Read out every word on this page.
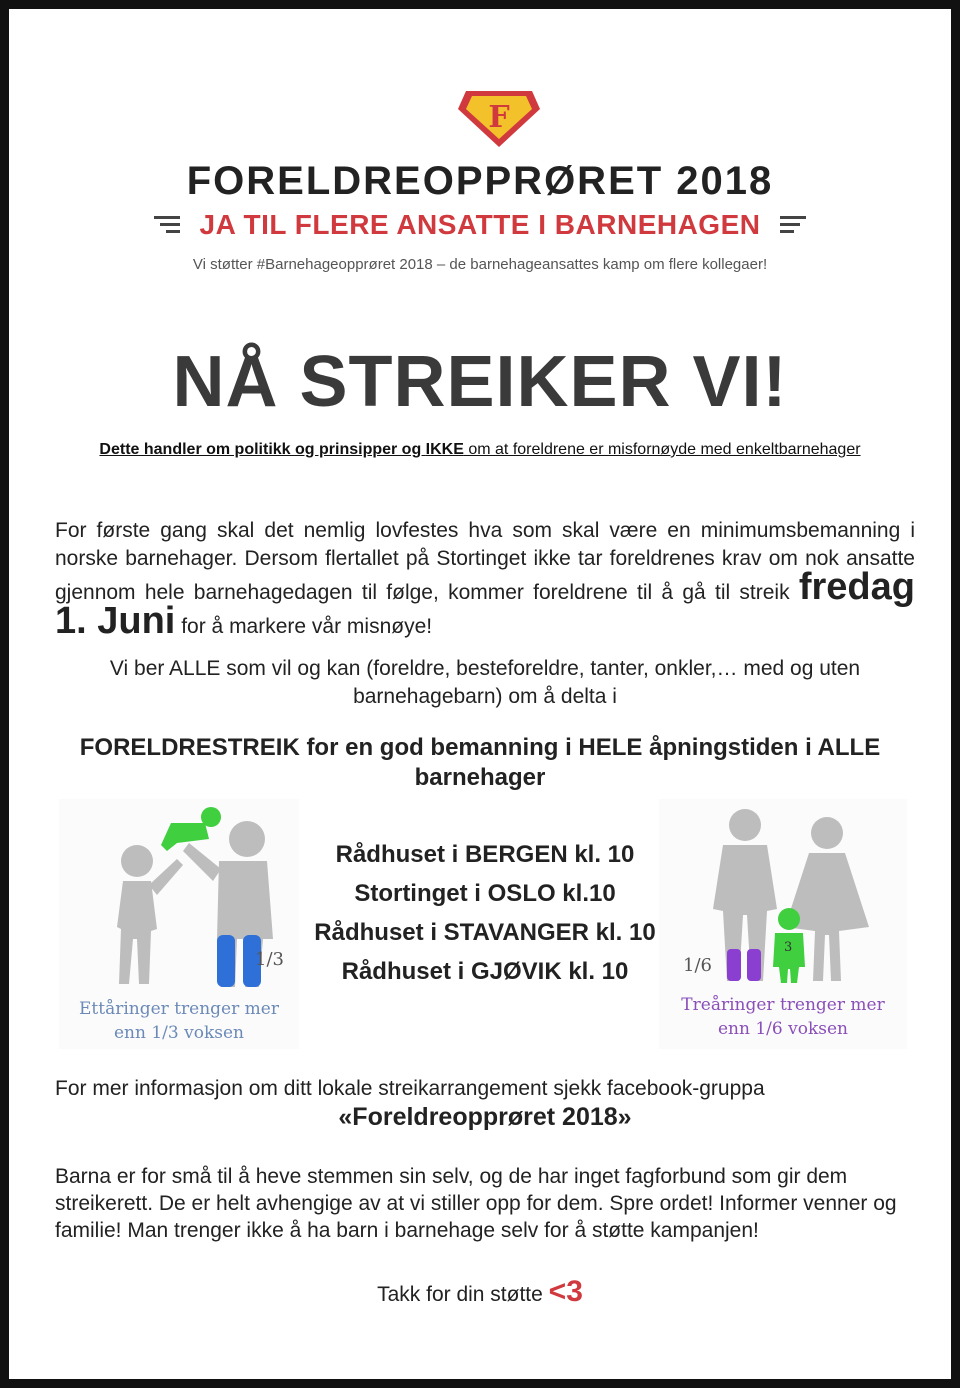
F
FORELDREOPPRØRET 2018
JA TIL FLERE ANSATTE I BARNEHAGEN
Vi støtter #Barnehageopprøret 2018 – de barnehageansattes kamp om flere kollegaer!
NÅ STREIKER VI!
Dette handler om politikk og prinsipper og IKKE om at foreldrene er misfornøyde med enkeltbarnehager
For første gang skal det nemlig lovfestes hva som skal være en minimumsbemanning i norske barnehager. Dersom flertallet på Stortinget ikke tar foreldrenes krav om nok ansatte gjennom hele barnehagedagen til følge, kommer foreldrene til å gå til streik fredag 1. Juni for å markere vår misnøye!
Vi ber ALLE som vil og kan (foreldre, besteforeldre, tanter, onkler,… med og uten barnehagebarn) om å delta i
FORELDRESTREIK for en god bemanning i HELE åpningstiden i ALLE barnehager
1/3
Ettåringer trenger mer
enn 1/3 voksen
Rådhuset i BERGEN kl. 10
Stortinget i OSLO kl.10
Rådhuset i STAVANGER kl. 10
Rådhuset i GJØVIK kl. 10
3
1/6
Treåringer trenger mer
enn 1/6 voksen
For mer informasjon om ditt lokale streikarrangement sjekk facebook-gruppa
«Foreldreopprøret 2018»
Barna er for små til å heve stemmen sin selv, og de har inget fagforbund som gir dem streikerett. De er helt avhengige av at vi stiller opp for dem. Spre ordet! Informer venner og familie! Man trenger ikke å ha barn i barnehage selv for å støtte kampanjen!
Takk for din støtte <3
